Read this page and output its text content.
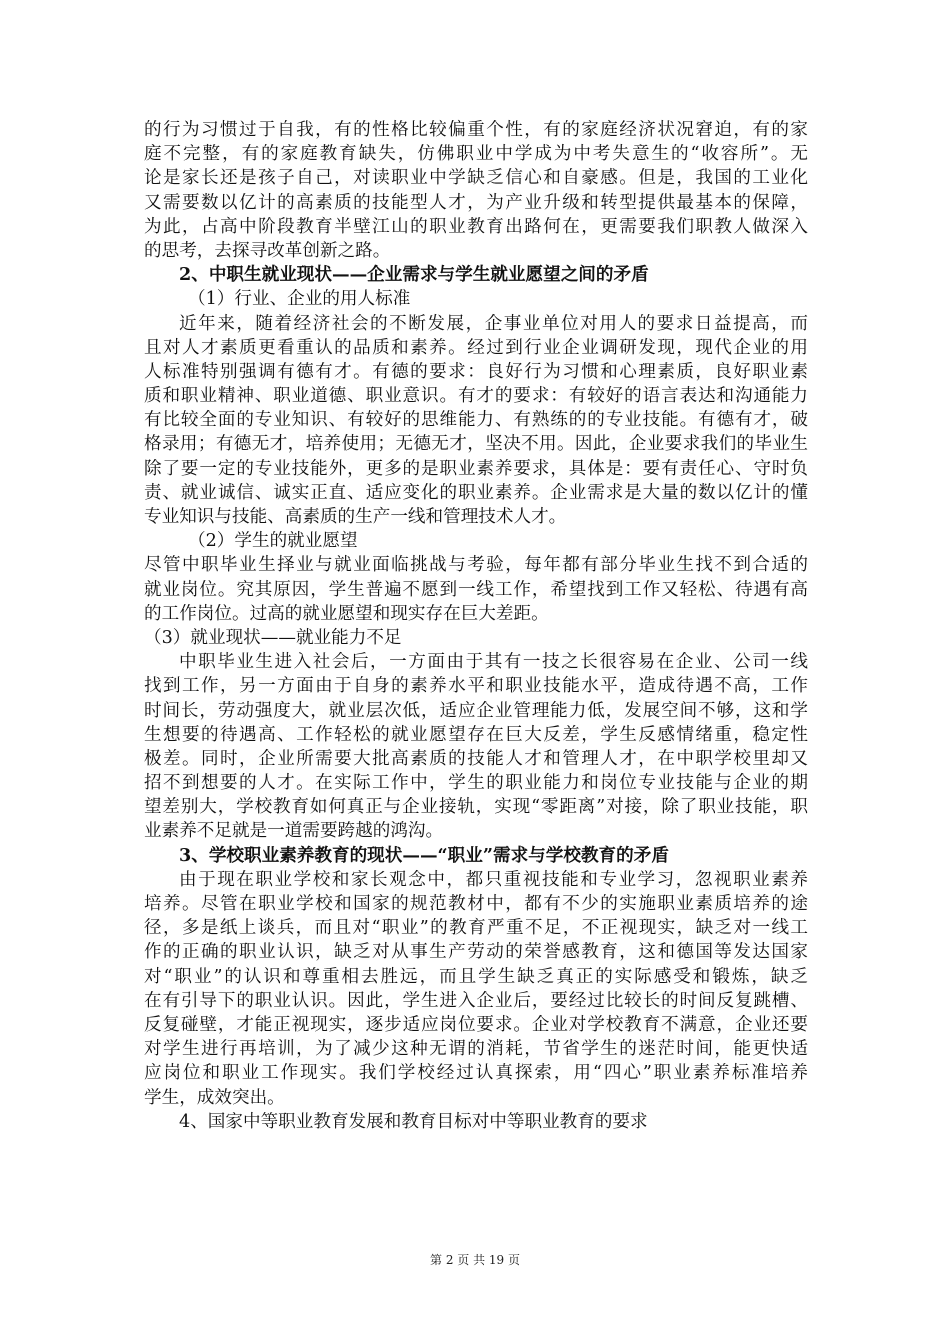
的行为习惯过于自我，有的性格比较偏重个性，有的家庭经济状况窘迫，有的家
庭不完整，有的家庭教育缺失，仿佛职业中学成为中考失意生的“收容所”。无
论是家长还是孩子自己，对读职业中学缺乏信心和自豪感。但是，我国的工业化
又需要数以亿计的高素质的技能型人才，为产业升级和转型提供最基本的保障，
为此，占高中阶段教育半壁江山的职业教育出路何在，更需要我们职教人做深入
的思考，去探寻改革创新之路。
2、中职生就业现状——企业需求与学生就业愿望之间的矛盾
（1）行业、企业的用人标准
近年来，随着经济社会的不断发展，企事业单位对用人的要求日益提高，而
且对人才素质更看重认的品质和素养。经过到行业企业调研发现，现代企业的用
人标准特别强调有德有才。有德的要求：良好行为习惯和心理素质，良好职业素
质和职业精神、职业道德、职业意识。有才的要求：有较好的语言表达和沟通能力
有比较全面的专业知识、有较好的思维能力、有熟练的的专业技能。有德有才，破
格录用；有德无才，培养使用；无德无才，坚决不用。因此，企业要求我们的毕业生
除了要一定的专业技能外，更多的是职业素养要求，具体是：要有责任心、守时负
责、就业诚信、诚实正直、适应变化的职业素养。企业需求是大量的数以亿计的懂
专业知识与技能、高素质的生产一线和管理技术人才。
（2）学生的就业愿望
尽管中职毕业生择业与就业面临挑战与考验，每年都有部分毕业生找不到合适的
就业岗位。究其原因，学生普遍不愿到一线工作，希望找到工作又轻松、待遇有高
的工作岗位。过高的就业愿望和现实存在巨大差距。
（3）就业现状——就业能力不足
中职毕业生进入社会后，一方面由于其有一技之长很容易在企业、公司一线
找到工作，另一方面由于自身的素养水平和职业技能水平，造成待遇不高，工作
时间长，劳动强度大，就业层次低，适应企业管理能力低，发展空间不够，这和学
生想要的待遇高、工作轻松的就业愿望存在巨大反差，学生反感情绪重，稳定性
极差。同时，企业所需要大批高素质的技能人才和管理人才，在中职学校里却又
招不到想要的人才。在实际工作中，学生的职业能力和岗位专业技能与企业的期
望差别大，学校教育如何真正与企业接轨，实现“零距离”对接，除了职业技能，职
业素养不足就是一道需要跨越的鸿沟。
3、学校职业素养教育的现状——“职业”需求与学校教育的矛盾
由于现在职业学校和家长观念中，都只重视技能和专业学习，忽视职业素养
培养。尽管在职业学校和国家的规范教材中，都有不少的实施职业素质培养的途
径，多是纸上谈兵，而且对“职业”的教育严重不足，不正视现实，缺乏对一线工
作的正确的职业认识，缺乏对从事生产劳动的荣誉感教育，这和德国等发达国家
对“职业”的认识和尊重相去胜远，而且学生缺乏真正的实际感受和锻炼，缺乏
在有引导下的职业认识。因此，学生进入企业后，要经过比较长的时间反复跳槽、
反复碰壁，才能正视现实，逐步适应岗位要求。企业对学校教育不满意，企业还要
对学生进行再培训，为了减少这种无谓的消耗，节省学生的迷茫时间，能更快适
应岗位和职业工作现实。我们学校经过认真探索，用“四心”职业素养标准培养
学生，成效突出。
4、国家中等职业教育发展和教育目标对中等职业教育的要求
第 2 页 共 19 页
